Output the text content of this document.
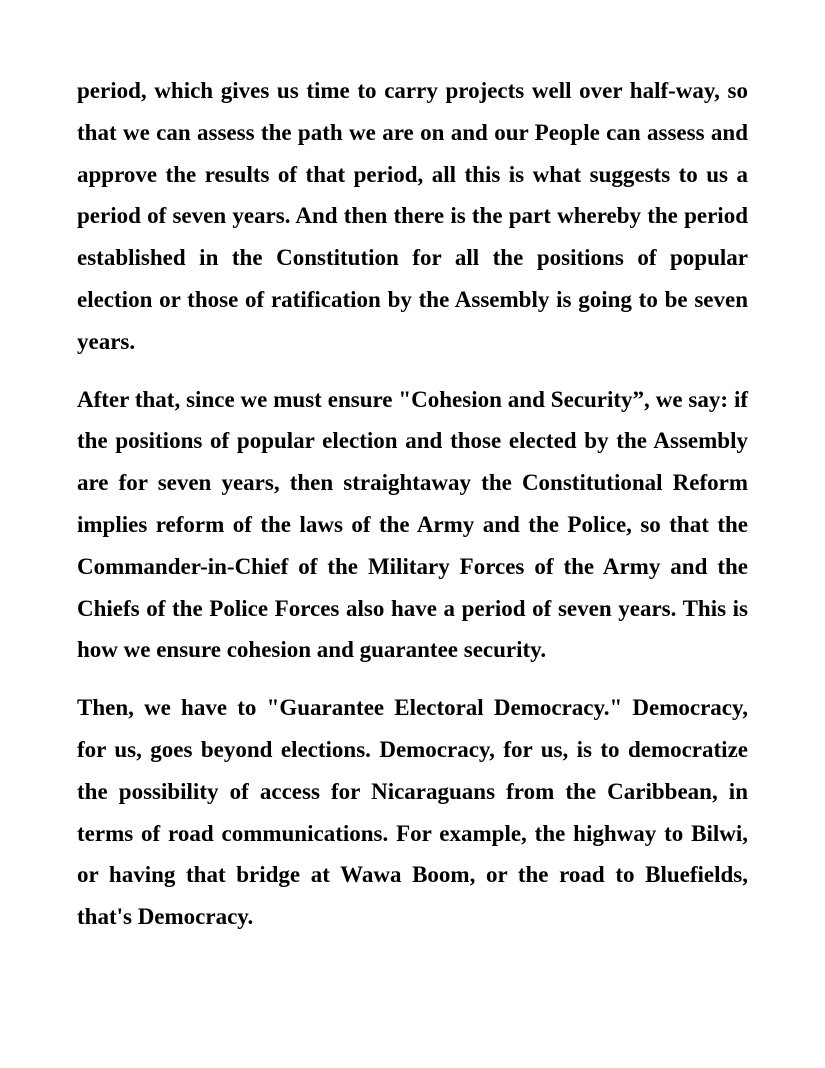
period, which gives us time to carry projects well over half-way, so that we can assess the path we are on and our People can assess and approve the results of that period, all this is what suggests to us a period of seven years. And then there is the part whereby the period established in the Constitution for all the positions of popular election or those of ratification by the Assembly is going to be seven years.

After that, since we must ensure "Cohesion and Security”, we say: if the positions of popular election and those elected by the Assembly are for seven years, then straightaway the Constitutional Reform implies reform of the laws of the Army and the Police, so that the Commander-in-Chief of the Military Forces of the Army and the Chiefs of the Police Forces also have a period of seven years. This is how we ensure cohesion and guarantee security.

Then, we have to "Guarantee Electoral Democracy." Democracy, for us, goes beyond elections. Democracy, for us, is to democratize the possibility of access for Nicaraguans from the Caribbean, in terms of road communications. For example, the highway to Bilwi, or having that bridge at Wawa Boom, or the road to Bluefields, that's Democracy.
